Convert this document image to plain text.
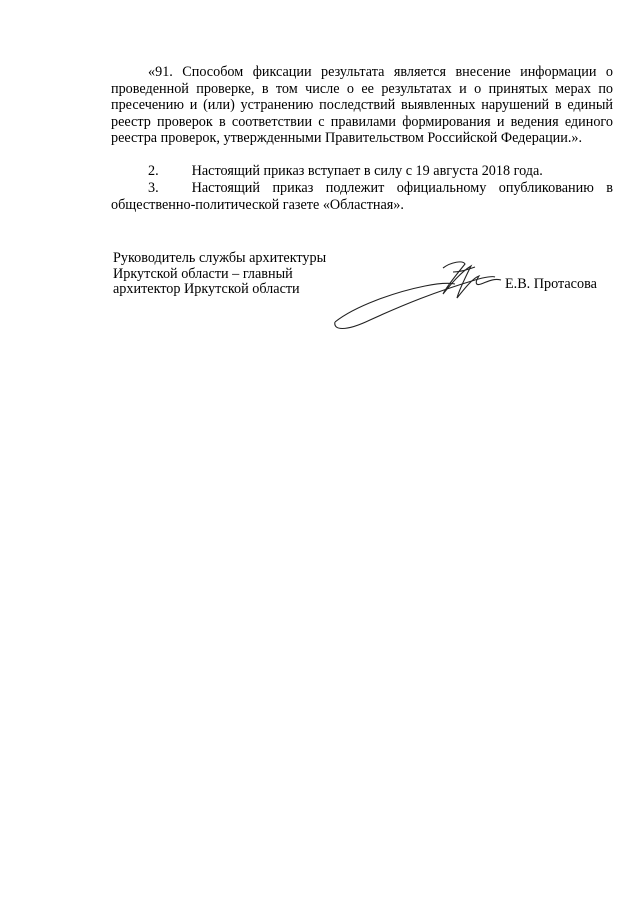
«91. Способом фиксации результата является внесение информации о проведенной проверке, в том числе о ее результатах и о принятых мерах по пресечению и (или) устранению последствий выявленных нарушений в единый реестр проверок в соответствии с правилами формирования и ведения единого реестра проверок, утвержденными Правительством Российской Федерации.».

2. Настоящий приказ вступает в силу с 19 августа 2018 года.

3. Настоящий приказ подлежит официальному опубликованию в общественно-политической газете «Областная».

Руководитель службы архитектуры
Иркутской области – главный
архитектор Иркутской области	Е.В. Протасова
